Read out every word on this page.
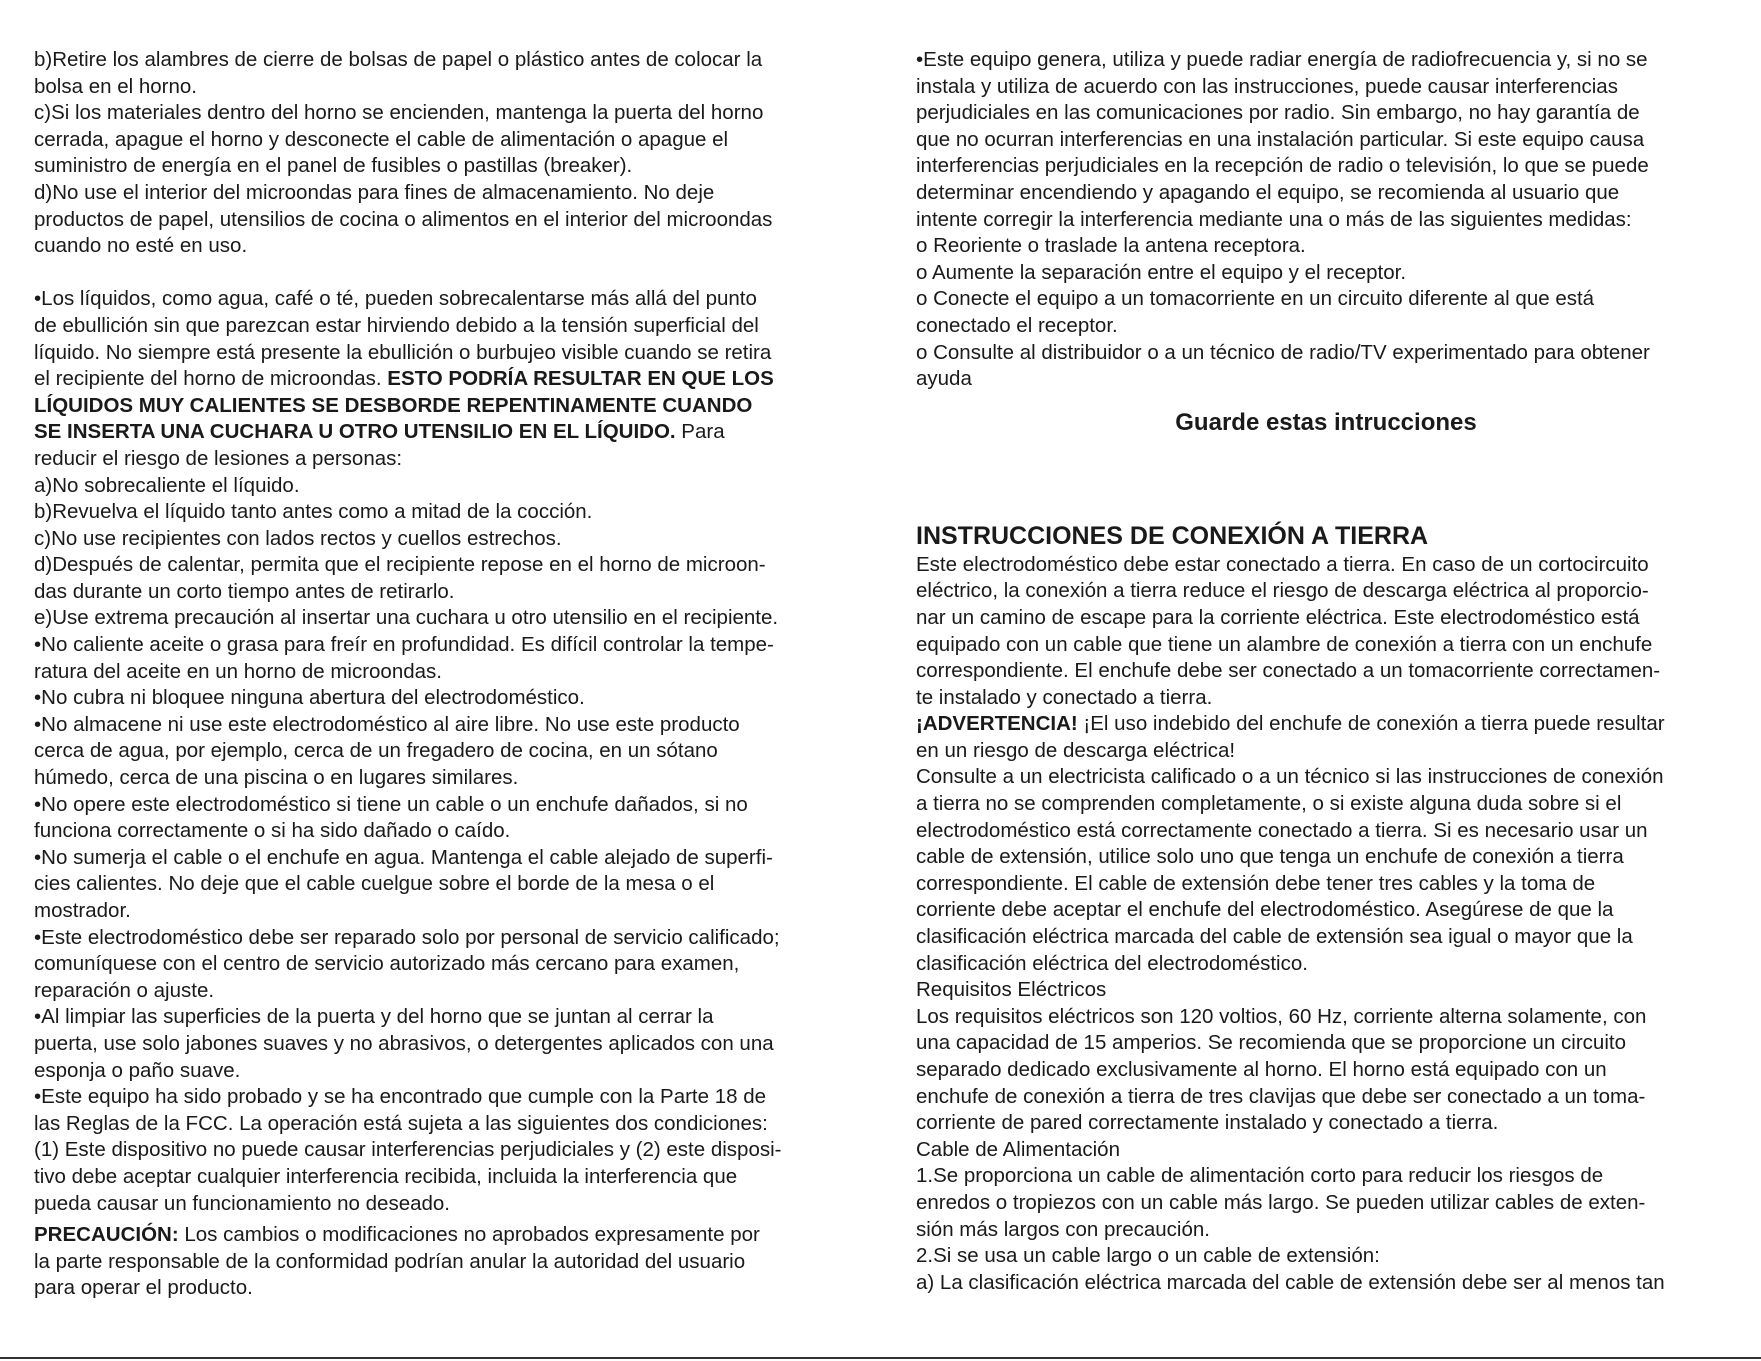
b)Retire los alambres de cierre de bolsas de papel o plástico antes de colocar la
bolsa en el horno.
c)Si los materiales dentro del horno se encienden, mantenga la puerta del horno
cerrada, apague el horno y desconecte el cable de alimentación o apague el
suministro de energía en el panel de fusibles o pastillas (breaker).
d)No use el interior del microondas para fines de almacenamiento. No deje
productos de papel, utensilios de cocina o alimentos en el interior del microondas
cuando no esté en uso.
•Los líquidos, como agua, café o té, pueden sobrecalentarse más allá del punto
de ebullición sin que parezcan estar hirviendo debido a la tensión superficial del
líquido. No siempre está presente la ebullición o burbujeo visible cuando se retira
el recipiente del horno de microondas. ESTO PODRÍA RESULTAR EN QUE LOS
LÍQUIDOS MUY CALIENTES SE DESBORDE REPENTINAMENTE CUANDO
SE INSERTA UNA CUCHARA U OTRO UTENSILIO EN EL LÍQUIDO. Para
reducir el riesgo de lesiones a personas:
a)No sobrecaliente el líquido.
b)Revuelva el líquido tanto antes como a mitad de la cocción.
c)No use recipientes con lados rectos y cuellos estrechos.
d)Después de calentar, permita que el recipiente repose en el horno de microon-
das durante un corto tiempo antes de retirarlo.
e)Use extrema precaución al insertar una cuchara u otro utensilio en el recipiente.
•No caliente aceite o grasa para freír en profundidad. Es difícil controlar la tempe-
ratura del aceite en un horno de microondas.
•No cubra ni bloquee ninguna abertura del electrodoméstico.
•No almacene ni use este electrodoméstico al aire libre. No use este producto
cerca de agua, por ejemplo, cerca de un fregadero de cocina, en un sótano
húmedo, cerca de una piscina o en lugares similares.
•No opere este electrodoméstico si tiene un cable o un enchufe dañados, si no
funciona correctamente o si ha sido dañado o caído.
•No sumerja el cable o el enchufe en agua. Mantenga el cable alejado de superfi-
cies calientes. No deje que el cable cuelgue sobre el borde de la mesa o el
mostrador.
•Este electrodoméstico debe ser reparado solo por personal de servicio calificado;
comuníquese con el centro de servicio autorizado más cercano para examen,
reparación o ajuste.
•Al limpiar las superficies de la puerta y del horno que se juntan al cerrar la
puerta, use solo jabones suaves y no abrasivos, o detergentes aplicados con una
esponja o paño suave.
•Este equipo ha sido probado y se ha encontrado que cumple con la Parte 18 de
las Reglas de la FCC. La operación está sujeta a las siguientes dos condiciones:
(1) Este dispositivo no puede causar interferencias perjudiciales y (2) este disposi-
tivo debe aceptar cualquier interferencia recibida, incluida la interferencia que
pueda causar un funcionamiento no deseado.
PRECAUCIÓN: Los cambios o modificaciones no aprobados expresamente por
la parte responsable de la conformidad podrían anular la autoridad del usuario
para operar el producto.
•Este equipo genera, utiliza y puede radiar energía de radiofrecuencia y, si no se
instala y utiliza de acuerdo con las instrucciones, puede causar interferencias
perjudiciales en las comunicaciones por radio. Sin embargo, no hay garantía de
que no ocurran interferencias en una instalación particular. Si este equipo causa
interferencias perjudiciales en la recepción de radio o televisión, lo que se puede
determinar encendiendo y apagando el equipo, se recomienda al usuario que
intente corregir la interferencia mediante una o más de las siguientes medidas:
o Reoriente o traslade la antena receptora.
o Aumente la separación entre el equipo y el receptor.
o Conecte el equipo a un tomacorriente en un circuito diferente al que está
conectado el receptor.
o Consulte al distribuidor o a un técnico de radio/TV experimentado para obtener
ayuda
Guarde estas intrucciones
INSTRUCCIONES DE CONEXIÓN A TIERRA
Este electrodoméstico debe estar conectado a tierra. En caso de un cortocircuito
eléctrico, la conexión a tierra reduce el riesgo de descarga eléctrica al proporcio-
nar un camino de escape para la corriente eléctrica. Este electrodoméstico está
equipado con un cable que tiene un alambre de conexión a tierra con un enchufe
correspondiente. El enchufe debe ser conectado a un tomacorriente correctamen-
te instalado y conectado a tierra.
¡ADVERTENCIA! ¡El uso indebido del enchufe de conexión a tierra puede resultar
en un riesgo de descarga eléctrica!
Consulte a un electricista calificado o a un técnico si las instrucciones de conexión
a tierra no se comprenden completamente, o si existe alguna duda sobre si el
electrodoméstico está correctamente conectado a tierra. Si es necesario usar un
cable de extensión, utilice solo uno que tenga un enchufe de conexión a tierra
correspondiente. El cable de extensión debe tener tres cables y la toma de
corriente debe aceptar el enchufe del electrodoméstico. Asegúrese de que la
clasificación eléctrica marcada del cable de extensión sea igual o mayor que la
clasificación eléctrica del electrodoméstico.
Requisitos Eléctricos
Los requisitos eléctricos son 120 voltios, 60 Hz, corriente alterna solamente, con
una capacidad de 15 amperios. Se recomienda que se proporcione un circuito
separado dedicado exclusivamente al horno. El horno está equipado con un
enchufe de conexión a tierra de tres clavijas que debe ser conectado a un toma-
corriente de pared correctamente instalado y conectado a tierra.
Cable de Alimentación
1.Se proporciona un cable de alimentación corto para reducir los riesgos de
enredos o tropiezos con un cable más largo. Se pueden utilizar cables de exten-
sión más largos con precaución.
2.Si se usa un cable largo o un cable de extensión:
a) La clasificación eléctrica marcada del cable de extensión debe ser al menos tan
